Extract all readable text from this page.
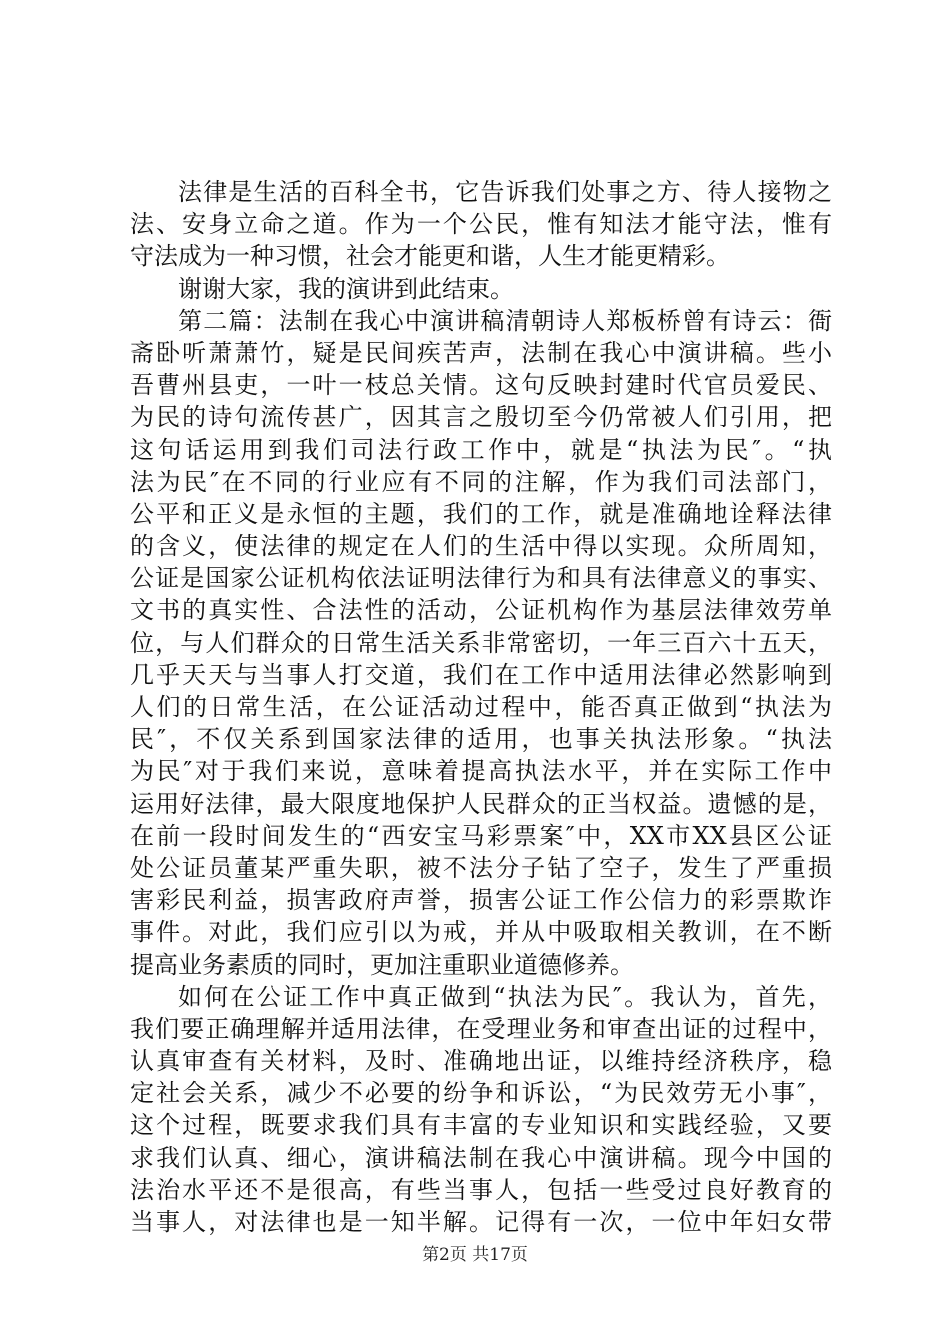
法律是生活的百科全书，它告诉我们处事之方、待人接物之
法、安身立命之道。作为一个公民，惟有知法才能守法，惟有
守法成为一种习惯，社会才能更和谐，人生才能更精彩。
谢谢大家，我的演讲到此结束。
第二篇：法制在我心中演讲稿清朝诗人郑板桥曾有诗云：衙
斋卧听萧萧竹，疑是民间疾苦声，法制在我心中演讲稿。些小
吾曹州县吏，一叶一枝总关情。这句反映封建时代官员爱民、
为民的诗句流传甚广，因其言之殷切至今仍常被人们引用，把
这句话运用到我们司法行政工作中，就是“执法为民″。“执
法为民″在不同的行业应有不同的注解，作为我们司法部门，
公平和正义是永恒的主题，我们的工作，就是准确地诠释法律
的含义，使法律的规定在人们的生活中得以实现。众所周知，
公证是国家公证机构依法证明法律行为和具有法律意义的事实、
文书的真实性、合法性的活动，公证机构作为基层法律效劳单
位，与人们群众的日常生活关系非常密切，一年三百六十五天，
几乎天天与当事人打交道，我们在工作中适用法律必然影响到
人们的日常生活，在公证活动过程中，能否真正做到“执法为
民″，不仅关系到国家法律的适用，也事关执法形象。“执法
为民″对于我们来说，意味着提高执法水平，并在实际工作中
运用好法律，最大限度地保护人民群众的正当权益。遗憾的是，
在前一段时间发生的“西安宝马彩票案″中，XX市XX县区公证
处公证员董某严重失职，被不法分子钻了空子，发生了严重损
害彩民利益，损害政府声誉，损害公证工作公信力的彩票欺诈
事件。对此，我们应引以为戒，并从中吸取相关教训，在不断
提高业务素质的同时，更加注重职业道德修养。
如何在公证工作中真正做到“执法为民″。我认为，首先，
我们要正确理解并适用法律，在受理业务和审查出证的过程中，
认真审查有关材料，及时、准确地出证，以维持经济秩序，稳
定社会关系，减少不必要的纷争和诉讼，“为民效劳无小事″，
这个过程，既要求我们具有丰富的专业知识和实践经验，又要
求我们认真、细心，演讲稿法制在我心中演讲稿。现今中国的
法治水平还不是很高，有些当事人，包括一些受过良好教育的
当事人，对法律也是一知半解。记得有一次，一位中年妇女带
第2页 共17页
